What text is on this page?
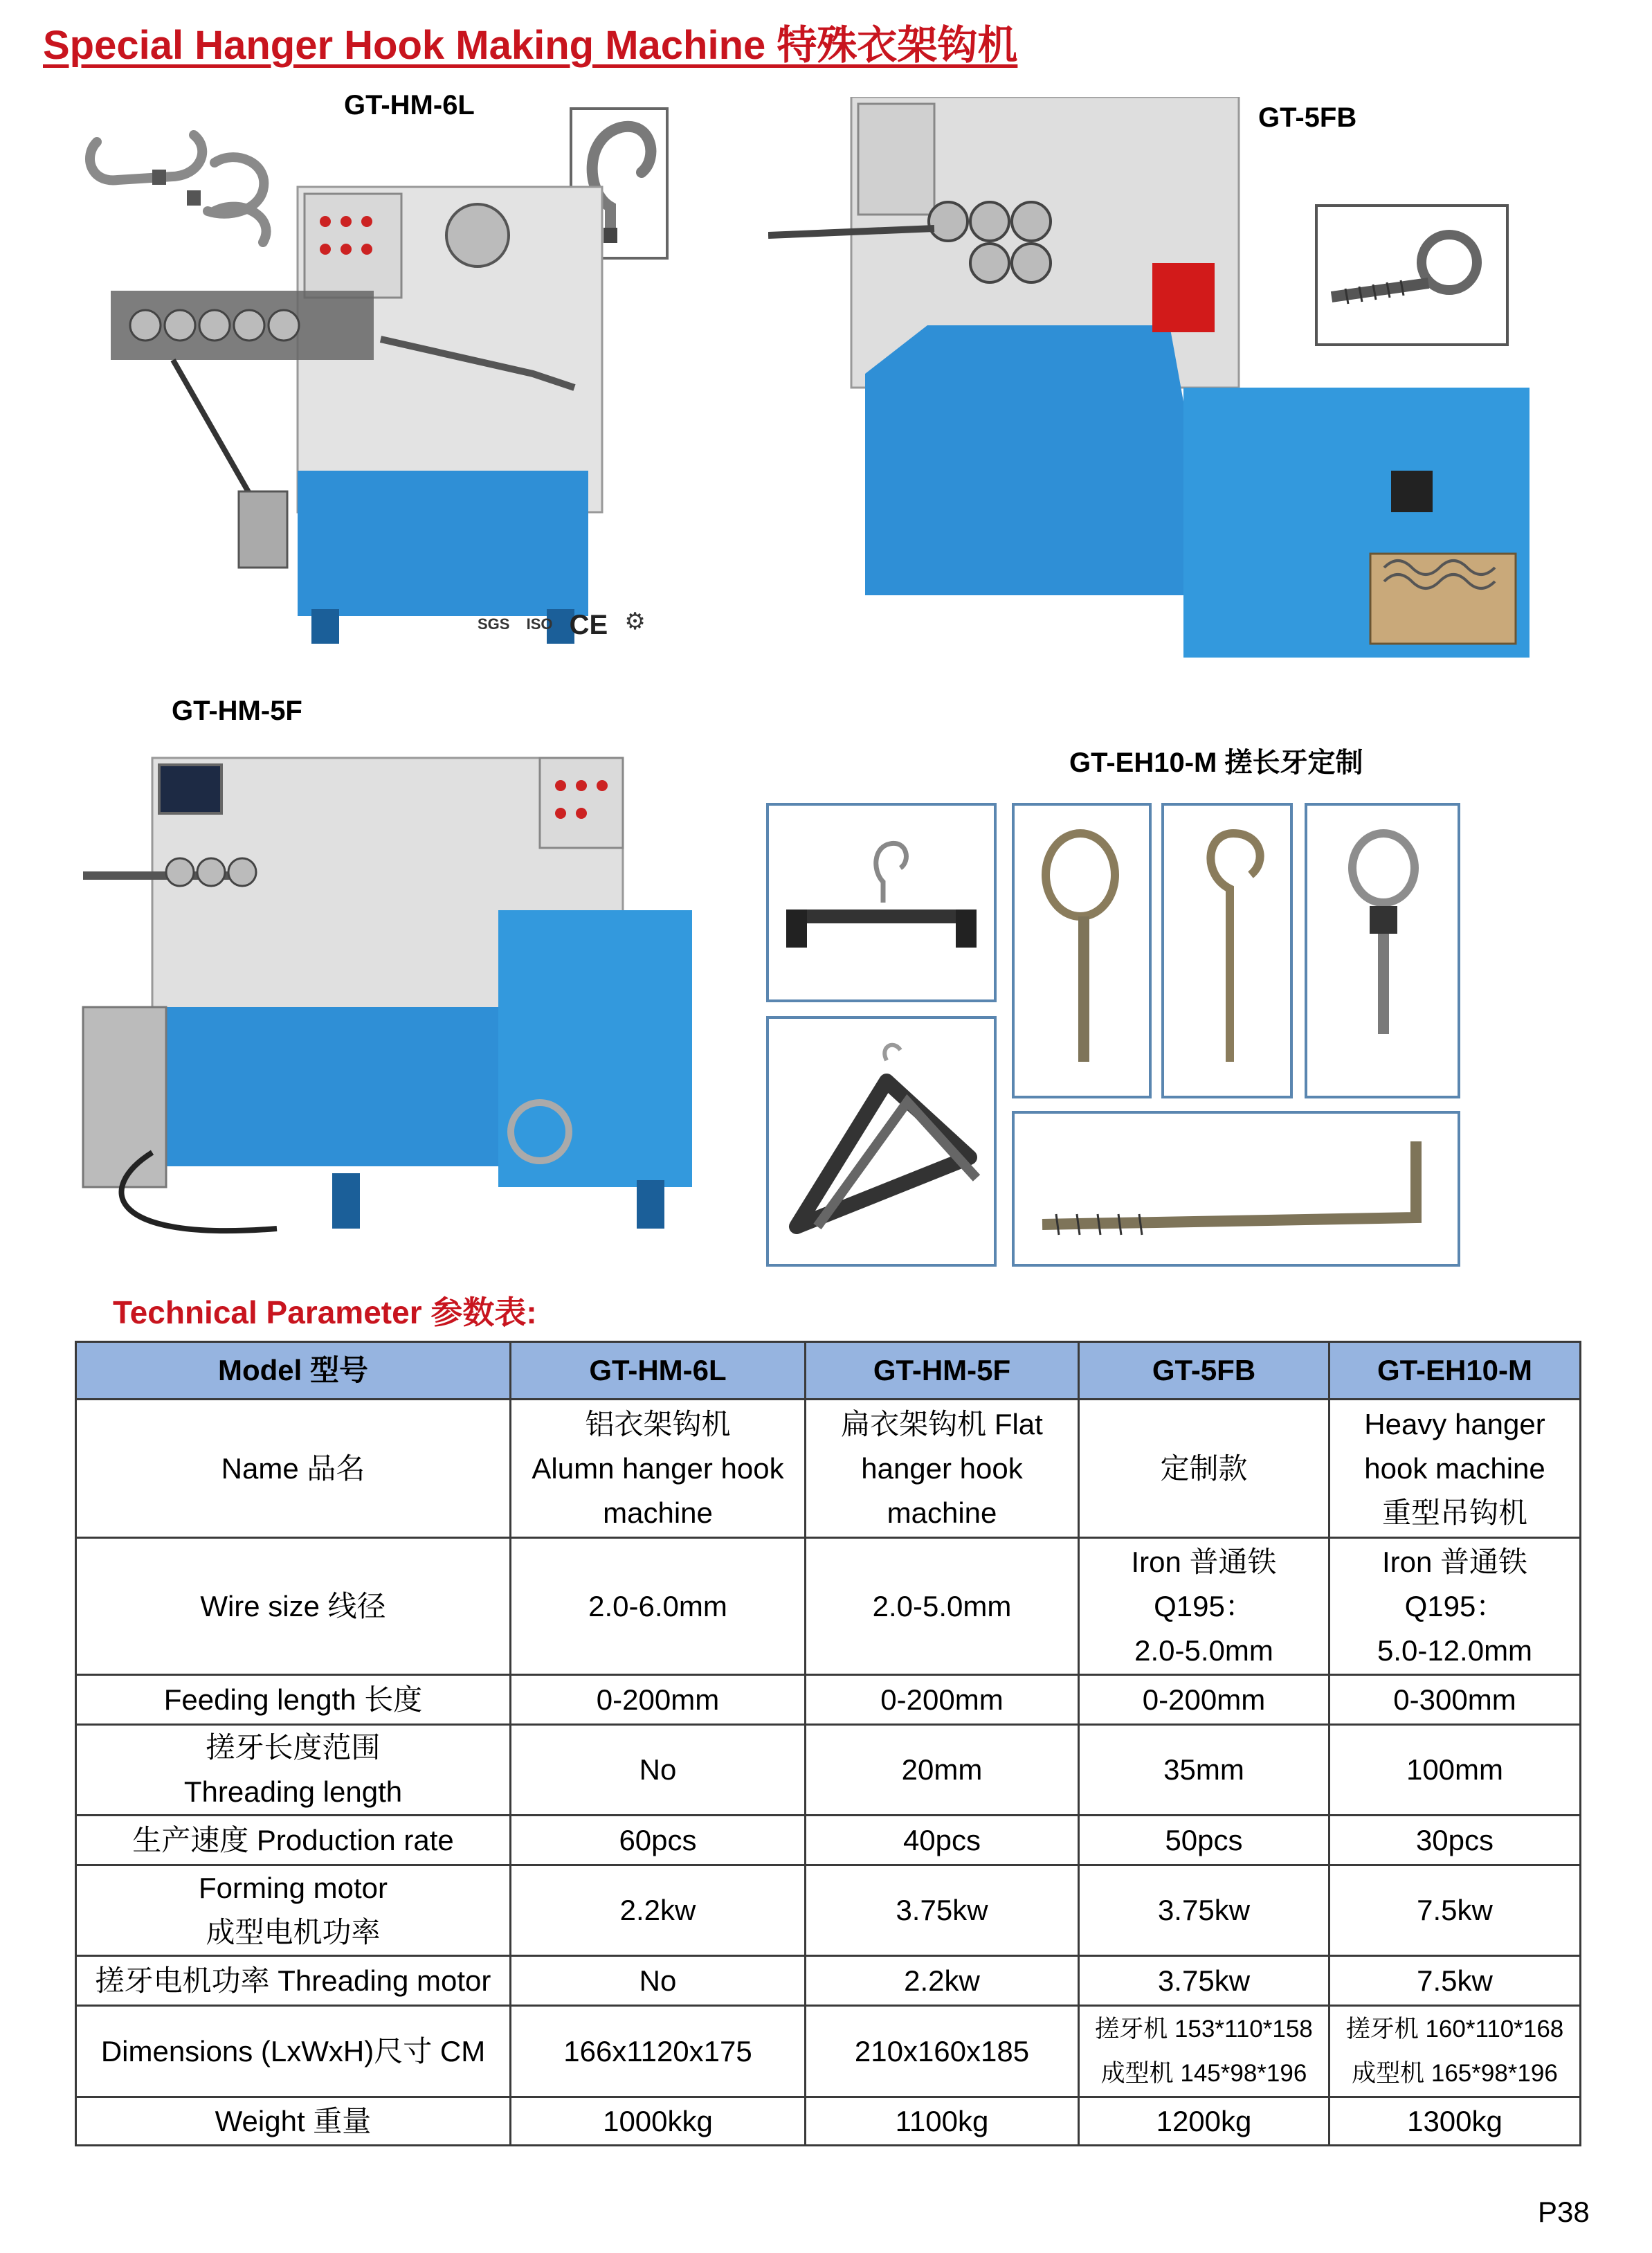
Special Hanger Hook Making Machine 特殊衣架钩机
GT-HM-6L	GT-5FB
GT-HM-5F
GT-EH10-M 搓长牙定制
SGS ISO CE ⚙
Technical Parameter 参数表:
Model 型号	GT-HM-6L	GT-HM-5F	GT-5FB	GT-EH10-M

Name 品名	铝衣架钩机
Alumn hanger hook
machine	扁衣架钩机 Flat
hanger hook
machine	定制款	Heavy hanger
hook machine
重型吊钩机

Wire size 线径	2.0-6.0mm	2.0-5.0mm	Iron 普通铁
Q195：
2.0-5.0mm	Iron 普通铁
Q195：
5.0-12.0mm

Feeding length 长度	0-200mm	0-200mm	0-200mm	0-300mm

搓牙长度范围
Threading length	No	20mm	35mm	100mm

生产速度 Production rate	60pcs	40pcs	50pcs	30pcs

Forming motor
成型电机功率	2.2kw	3.75kw	3.75kw	7.5kw

搓牙电机功率 Threading motor	No	2.2kw	3.75kw	7.5kw

Dimensions (LxWxH)尺寸 CM	166x1120x175	210x160x185	搓牙机 153*110*158
成型机 145*98*196	搓牙机 160*110*168
成型机 165*98*196

Weight 重量	1000kkg	1100kg	1200kg	1300kg
P38
